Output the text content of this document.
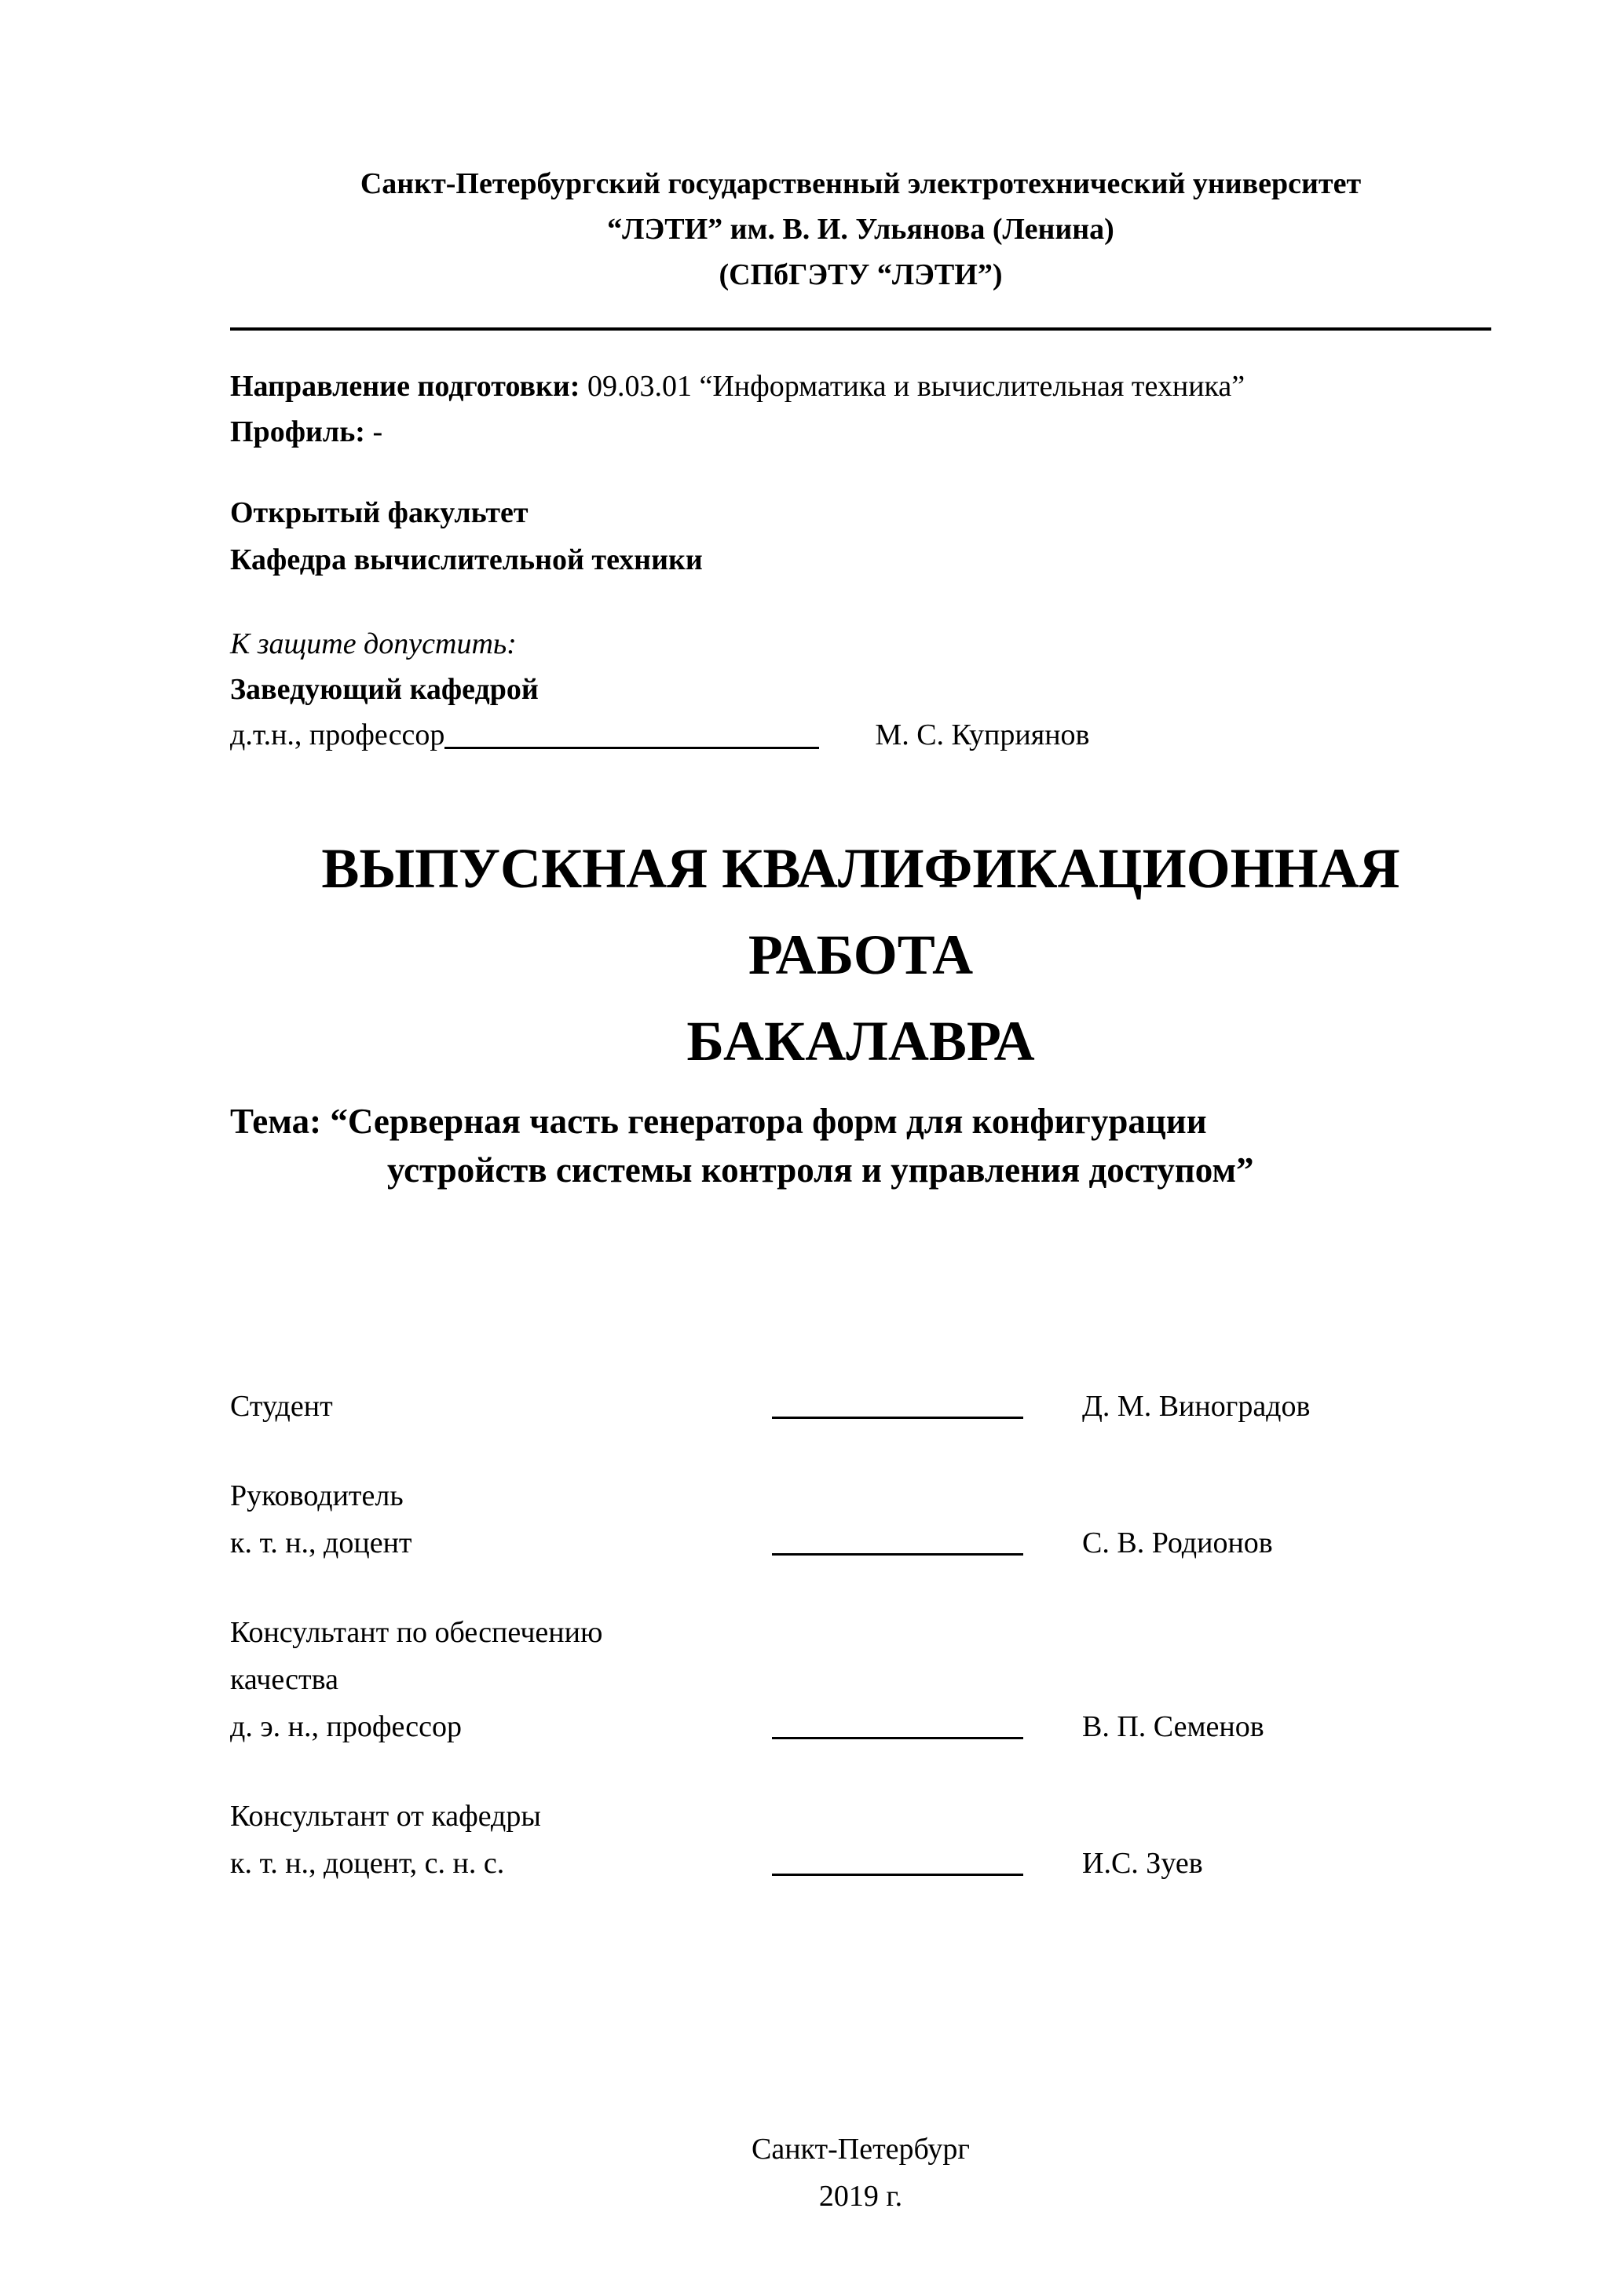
Санкт-Петербургский государственный электротехнический университет
“ЛЭТИ” им. В. И. Ульянова (Ленина)
(СПбГЭТУ “ЛЭТИ”)
Направление подготовки: 09.03.01 “Информатика и вычислительная техника”
Профиль: -
Открытый факультет
Кафедра вычислительной техники
К защите допустить:
Заведующий кафедрой
д.т.н., профессор	М. С. Куприянов
ВЫПУСКНАЯ КВАЛИФИКАЦИОННАЯ РАБОТА
БАКАЛАВРА
Тема: “Серверная часть генератора форм для конфигурации
устройств системы контроля и управления доступом”
Студент	Д. М. Виноградов
Руководитель
к. т. н., доцент	С. В. Родионов
Консультант по обеспечению
качества
д. э. н., профессор	В. П. Семенов
Консультант от кафедры
к. т. н., доцент, с. н. с.	И.С. Зуев
Санкт-Петербург
2019 г.
